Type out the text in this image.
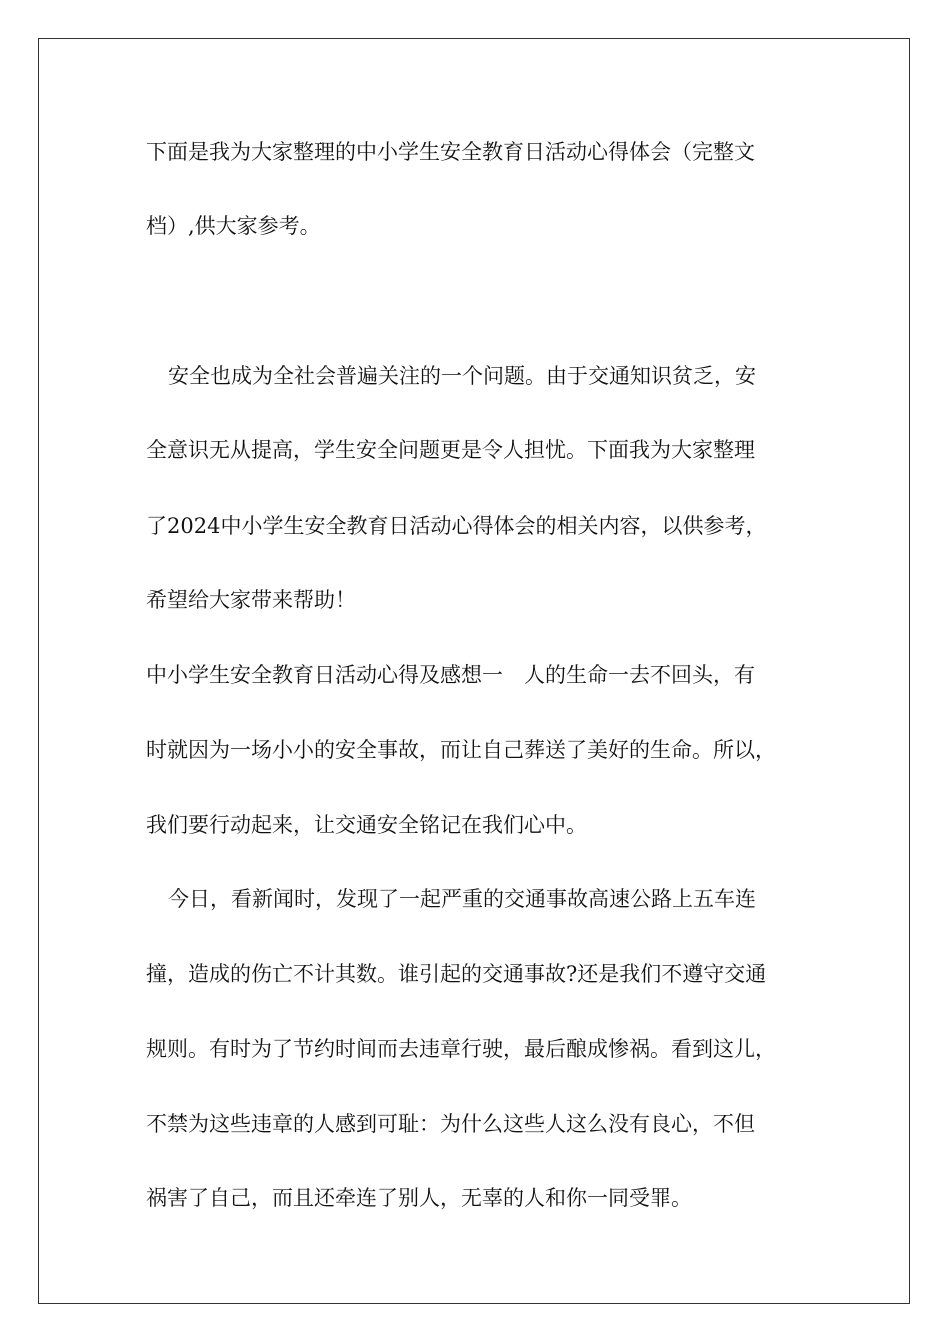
下面是我为大家整理的中小学生安全教育日活动心得体会（完整文
档）,供大家参考。
安全也成为全社会普遍关注的一个问题。由于交通知识贫乏，安
全意识无从提高，学生安全问题更是令人担忧。下面我为大家整理
了2024中小学生安全教育日活动心得体会的相关内容，以供参考，
希望给大家带来帮助！
中小学生安全教育日活动心得及感想一　人的生命一去不回头，有
时就因为一场小小的安全事故，而让自己葬送了美好的生命。所以，
我们要行动起来，让交通安全铭记在我们心中。
今日，看新闻时，发现了一起严重的交通事故高速公路上五车连
撞，造成的伤亡不计其数。谁引起的交通事故?还是我们不遵守交通
规则。有时为了节约时间而去违章行驶，最后酿成惨祸。看到这儿，
不禁为这些违章的人感到可耻：为什么这些人这么没有良心，不但
祸害了自己，而且还牵连了别人，无辜的人和你一同受罪。
